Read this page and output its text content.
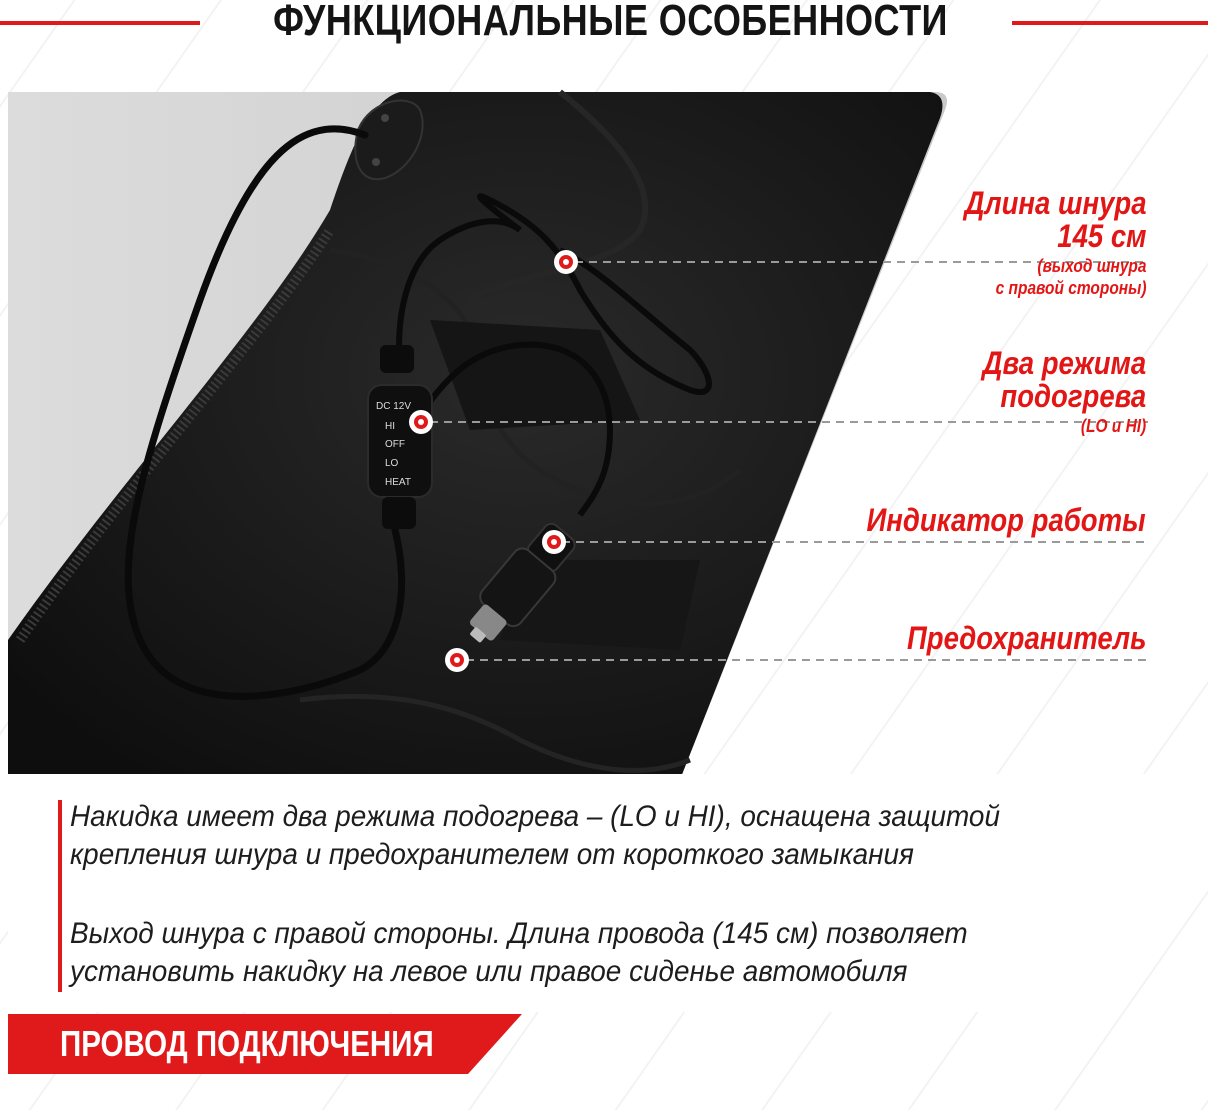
ФУНКЦИОНАЛЬНЫЕ ОСОБЕННОСТИ
DC 12V
HI
OFF
LO
HEAT
Длина шнура
145 см
(выход шнура
с правой стороны)
Два режима
подогрева
(LO и HI)
Индикатор работы
Предохранитель
Накидка имеет два режима подогрева – (LO и HI), оснащена защитой
крепления шнура и предохранителем от короткого замыкания
Выход шнура с правой стороны. Длина провода (145 см) позволяет
установить накидку на левое или правое сиденье автомобиля
ПРОВОД ПОДКЛЮЧЕНИЯ
